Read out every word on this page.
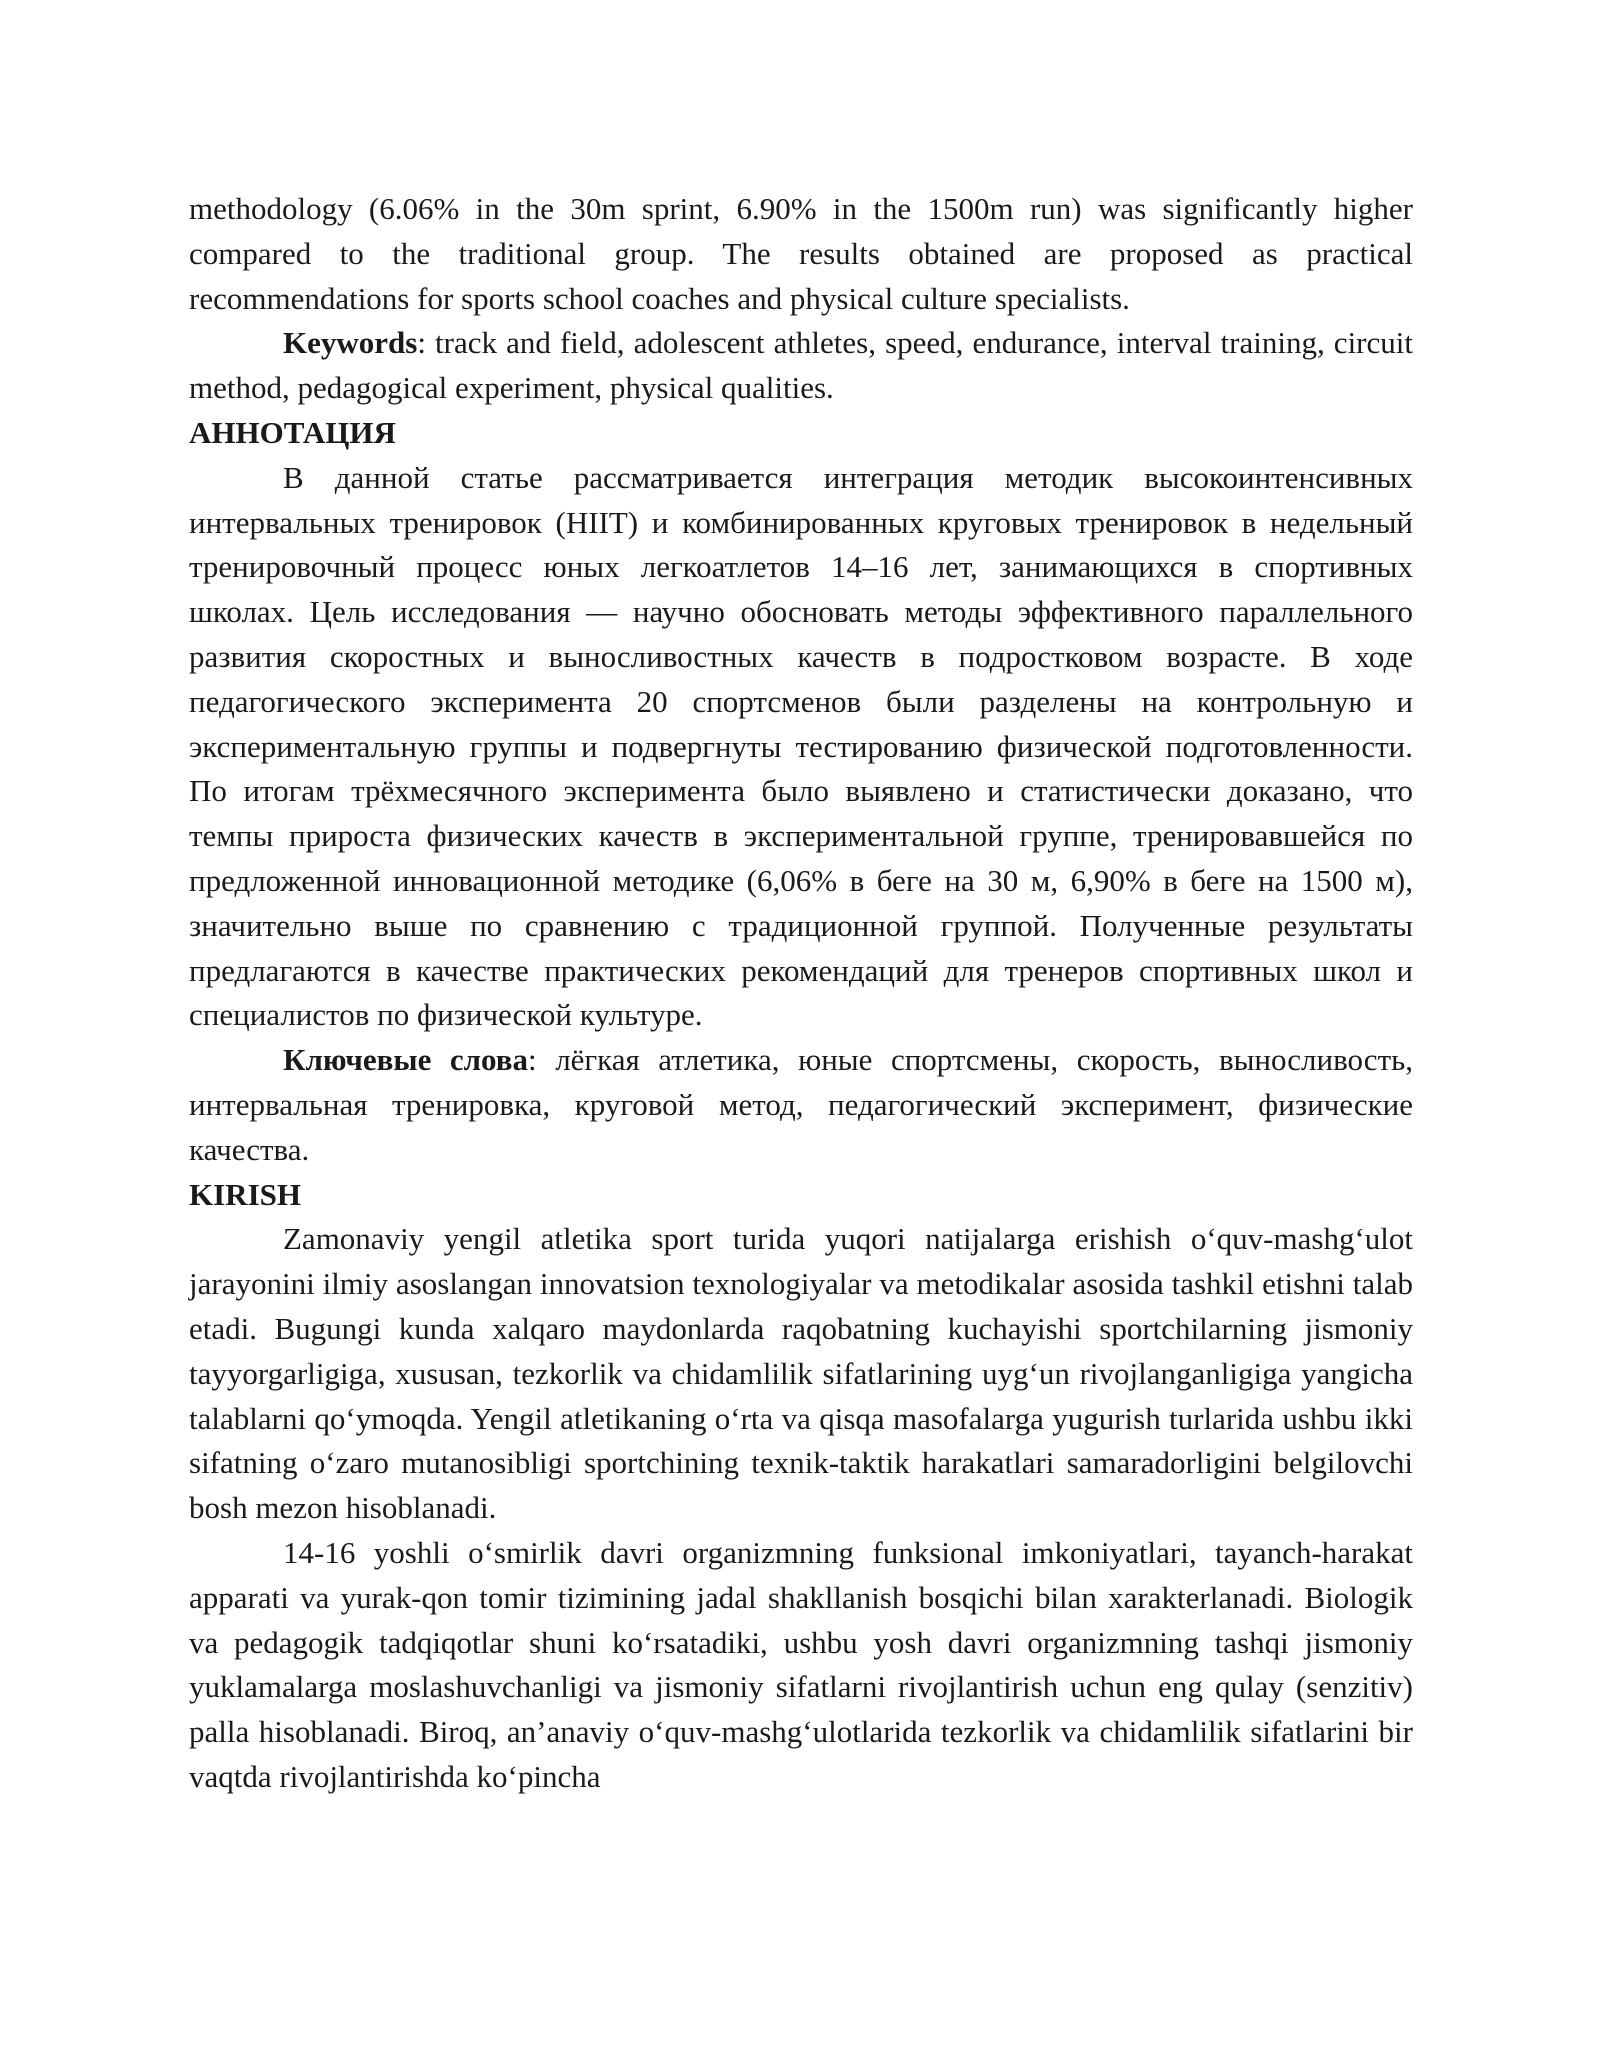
methodology (6.06% in the 30m sprint, 6.90% in the 1500m run) was significantly higher compared to the traditional group. The results obtained are proposed as practical recommendations for sports school coaches and physical culture specialists.

Keywords: track and field, adolescent athletes, speed, endurance, interval training, circuit method, pedagogical experiment, physical qualities.

АННОТАЦИЯ

В данной статье рассматривается интеграция методик высокоинтенсивных интервальных тренировок (HIIT) и комбинированных круговых тренировок в недельный тренировочный процесс юных легкоатлетов 14–16 лет, занимающихся в спортивных школах. Цель исследования — научно обосновать методы эффективного параллельного развития скоростных и выносливостных качеств в подростковом возрасте. В ходе педагогического эксперимента 20 спортсменов были разделены на контрольную и экспериментальную группы и подвергнуты тестированию физической подготовленности. По итогам трёхмесячного эксперимента было выявлено и статистически доказано, что темпы прироста физических качеств в экспериментальной группе, тренировавшейся по предложенной инновационной методике (6,06% в беге на 30 м, 6,90% в беге на 1500 м), значительно выше по сравнению с традиционной группой. Полученные результаты предлагаются в качестве практических рекомендаций для тренеров спортивных школ и специалистов по физической культуре.

Ключевые слова: лёгкая атлетика, юные спортсмены, скорость, выносливость, интервальная тренировка, круговой метод, педагогический эксперимент, физические качества.

KIRISH

Zamonaviy yengil atletika sport turida yuqori natijalarga erishish o‘quv-mashg‘ulot jarayonini ilmiy asoslangan innovatsion texnologiyalar va metodikalar asosida tashkil etishni talab etadi. Bugungi kunda xalqaro maydonlarda raqobatning kuchayishi sportchilarning jismoniy tayyorgarligiga, xususan, tezkorlik va chidamlilik sifatlarining uyg‘un rivojlanganligiga yangicha talablarni qo‘ymoqda. Yengil atletikaning o‘rta va qisqa masofalarga yugurish turlarida ushbu ikki sifatning o‘zaro mutanosibligi sportchining texnik-taktik harakatlari samaradorligini belgilovchi bosh mezon hisoblanadi.

14-16 yoshli o‘smirlik davri organizmning funksional imkoniyatlari, tayanch-harakat apparati va yurak-qon tomir tizimining jadal shakllanish bosqichi bilan xarakterlanadi. Biologik va pedagogik tadqiqotlar shuni ko‘rsatadiki, ushbu yosh davri organizmning tashqi jismoniy yuklamalarga moslashuvchanligi va jismoniy sifatlarni rivojlantirish uchun eng qulay (senzitiv) palla hisoblanadi. Biroq, an’anaviy o‘quv-mashg‘ulotlarida tezkorlik va chidamlilik sifatlarini bir vaqtda rivojlantirishda ko‘pincha
